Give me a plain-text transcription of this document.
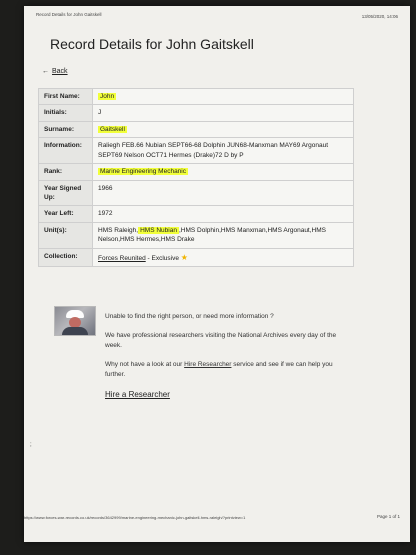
Record Details for John Gaitskell	13/05/2020, 14:06
Record Details for John Gaitskell
← Back
First Name:	John
Initials:	J
Surname:	Gaitskell
Information:	Raliegh FEB.66 Nubian SEPT66-68 Dolphin JUN68-Manxman MAY69 Argonaut SEPT69 Nelson OCT71 Hermes (Drake)72 D by P
Rank:	Marine Engineering Mechanic
Year Signed Up:	1966
Year Left:	1972
Unit(s):	HMS Raleigh, HMS Nubian ,HMS Dolphin,HMS Manxman,HMS Argonaut,HMS Nelson,HMS Hermes,HMS Drake
Collection:	Forces Reunited - Exclusive ★

Unable to find the right person, or need more information ?

We have professional researchers visiting the National Archives every day of the week.

Why not have a look at our Hire Researcher service and see if we can help you further.

Hire a Researcher
;
https://www.forces-war-records.co.uk/records/3642999/marine-engineering-mechanic-john-gaitskell-hms-raleigh/?printview=1	Page 1 of 1
